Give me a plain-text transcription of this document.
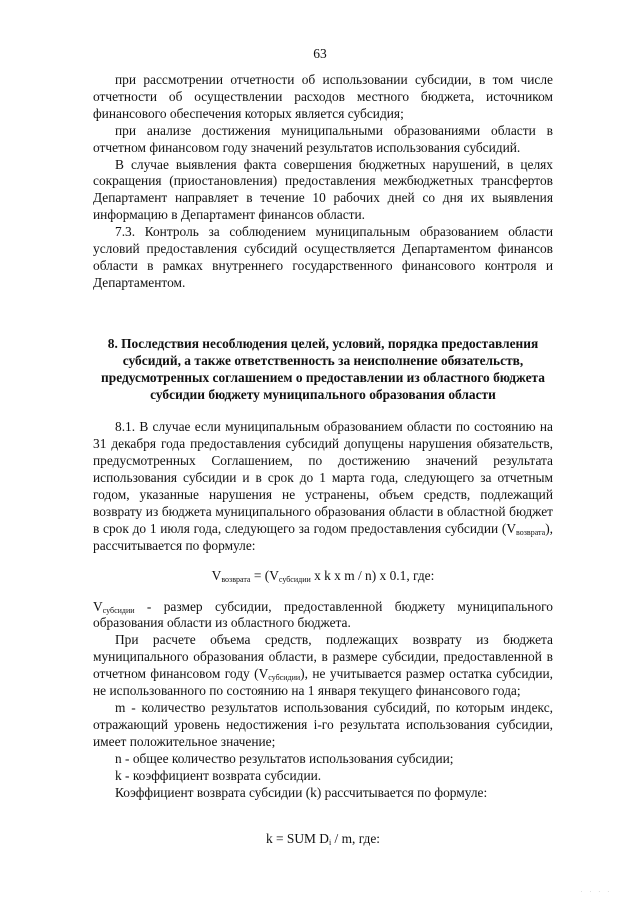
63

при рассмотрении отчетности об использовании субсидии, в том числе отчетности об осуществлении расходов местного бюджета, источником финансового обеспечения которых является субсидия;

при анализе достижения муниципальными образованиями области в отчетном финансовом году значений результатов использования субсидий.

В случае выявления факта совершения бюджетных нарушений, в целях сокращения (приостановления) предоставления межбюджетных трансфертов Департамент направляет в течение 10 рабочих дней со дня их выявления информацию в Департамент финансов области.

7.3. Контроль за соблюдением муниципальным образованием области условий предоставления субсидий осуществляется Департаментом финансов области в рамках внутреннего государственного финансового контроля и Департаментом.

8. Последствия несоблюдения целей, условий, порядка предоставления
субсидий, а также ответственность за неисполнение обязательств,
предусмотренных соглашением о предоставлении из областного бюджета
субсидии бюджету муниципального образования области

8.1. В случае если муниципальным образованием области по состоянию на 31 декабря года предоставления субсидий допущены нарушения обязательств, предусмотренных Соглашением, по достижению значений результата использования субсидии и в срок до 1 марта года, следующего за отчетным годом, указанные нарушения не устранены, объем средств, подлежащий возврату из бюджета муниципального образования области в областной бюджет в срок до 1 июля года, следующего за годом предоставления субсидии $(V_{возврата})$, рассчитывается по формуле:

$V_{возврата} = (V_{субсидии}$ x k x m / n) x 0.1, где:

$V_{субсидии}$ - размер субсидии, предоставленной бюджету муниципального образования области из областного бюджета.

При расчете объема средств, подлежащих возврату из бюджета муниципального образования области, в размере субсидии, предоставленной в отчетном финансовом году $(V_{субсидии})$, не учитывается размер остатка субсидии, не использованного по состоянию на 1 января текущего финансового года;

m - количество результатов использования субсидий, по которым индекс, отражающий уровень недостижения i-го результата использования субсидии, имеет положительное значение;

n - общее количество результатов использования субсидии;

k - коэффициент возврата субсидии.

Коэффициент возврата субсидии (k) рассчитывается по формуле:

k = SUM $D_i$ / m, где:
· · · ·
